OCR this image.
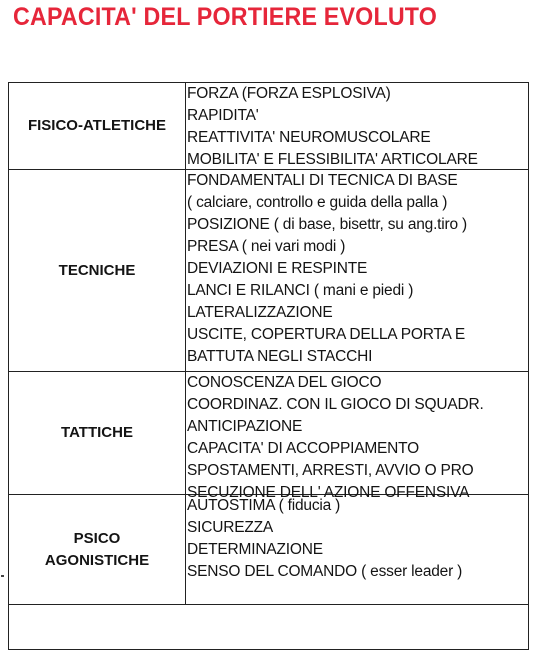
CAPACITA' DEL PORTIERE EVOLUTO
FISICO-ATLETICHE
FORZA (FORZA ESPLOSIVA)
RAPIDITA'
REATTIVITA' NEUROMUSCOLARE
MOBILITA' E FLESSIBILITA' ARTICOLARE
TECNICHE
FONDAMENTALI DI TECNICA DI BASE
( calciare, controllo e guida della palla )
POSIZIONE ( di base, bisettr, su ang.tiro )
PRESA ( nei vari modi )
DEVIAZIONI E RESPINTE
LANCI E RILANCI ( mani e piedi )
LATERALIZZAZIONE
USCITE, COPERTURA DELLA PORTA E
BATTUTA NEGLI STACCHI
TATTICHE
CONOSCENZA DEL GIOCO
COORDINAZ. CON IL GIOCO DI SQUADR.
ANTICIPAZIONE
CAPACITA' DI ACCOPPIAMENTO
SPOSTAMENTI, ARRESTI, AVVIO O PRO
SECUZIONE DELL' AZIONE OFFENSIVA
PSICO
AGONISTICHE
AUTOSTIMA ( fiducia )
SICUREZZA
DETERMINAZIONE
SENSO DEL COMANDO ( esser leader )
